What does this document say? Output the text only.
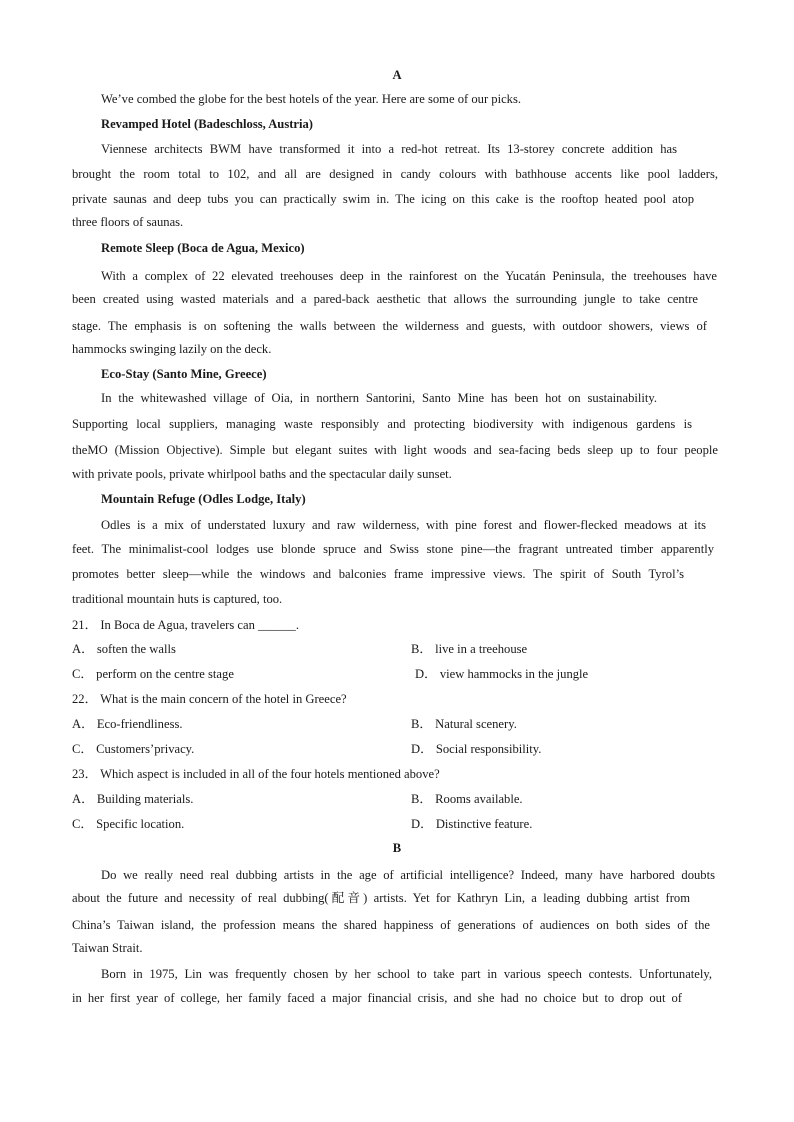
A
We’ve combed the globe for the best hotels of the year. Here are some of our picks.
Revamped Hotel (Badeschloss, Austria)
Viennese architects BWM have transformed it into a red-hot retreat. Its 13-storey concrete addition has
brought the room total to 102, and all are designed in candy colours with bathhouse accents like pool ladders,
private saunas and deep tubs you can practically swim in. The icing on this cake is the rooftop heated pool atop
three floors of saunas.
Remote Sleep (Boca de Agua, Mexico)
With a complex of 22 elevated treehouses deep in the rainforest on the Yucatán Peninsula, the treehouses have
been created using wasted materials and a pared-back aesthetic that allows the surrounding jungle to take centre
stage. The emphasis is on softening the walls between the wilderness and guests, with outdoor showers, views of
hammocks swinging lazily on the deck.
Eco-Stay (Santo Mine, Greece)
In the whitewashed village of Oia, in northern Santorini, Santo Mine has been hot on sustainability.
Supporting local suppliers, managing waste responsibly and protecting biodiversity with indigenous gardens is
theMO (Mission Objective). Simple but elegant suites with light woods and sea-facing beds sleep up to four people
with private pools, private whirlpool baths and the spectacular daily sunset.
Mountain Refuge (Odles Lodge, Italy)
Odles is a mix of understated luxury and raw wilderness, with pine forest and flower-flecked meadows at its
feet. The minimalist-cool lodges use blonde spruce and Swiss stone pine—the fragrant untreated timber apparently
promotes better sleep—while the windows and balconies frame impressive views. The spirit of South Tyrol’s
traditional mountain huts is captured, too.
21． In Boca de Agua, travelers can ______.
A． soften the walls	B． live in a treehouse
C． perform on the centre stage	D． view hammocks in the jungle
22． What is the main concern of the hotel in Greece?
A． Eco-friendliness.	B． Natural scenery.
C． Customers’privacy.	D． Social responsibility.
23． Which aspect is included in all of the four hotels mentioned above?
A． Building materials.	B． Rooms available.
C． Specific location.	D． Distinctive feature.
B
Do we really need real dubbing artists in the age of artificial intelligence? Indeed, many have harbored doubts
about the future and necessity of real dubbing(配音) artists. Yet for Kathryn Lin, a leading dubbing artist from
China’s Taiwan island, the profession means the shared happiness of generations of audiences on both sides of the
Taiwan Strait.
Born in 1975, Lin was frequently chosen by her school to take part in various speech contests. Unfortunately,
in her first year of college, her family faced a major financial crisis, and she had no choice but to drop out of
